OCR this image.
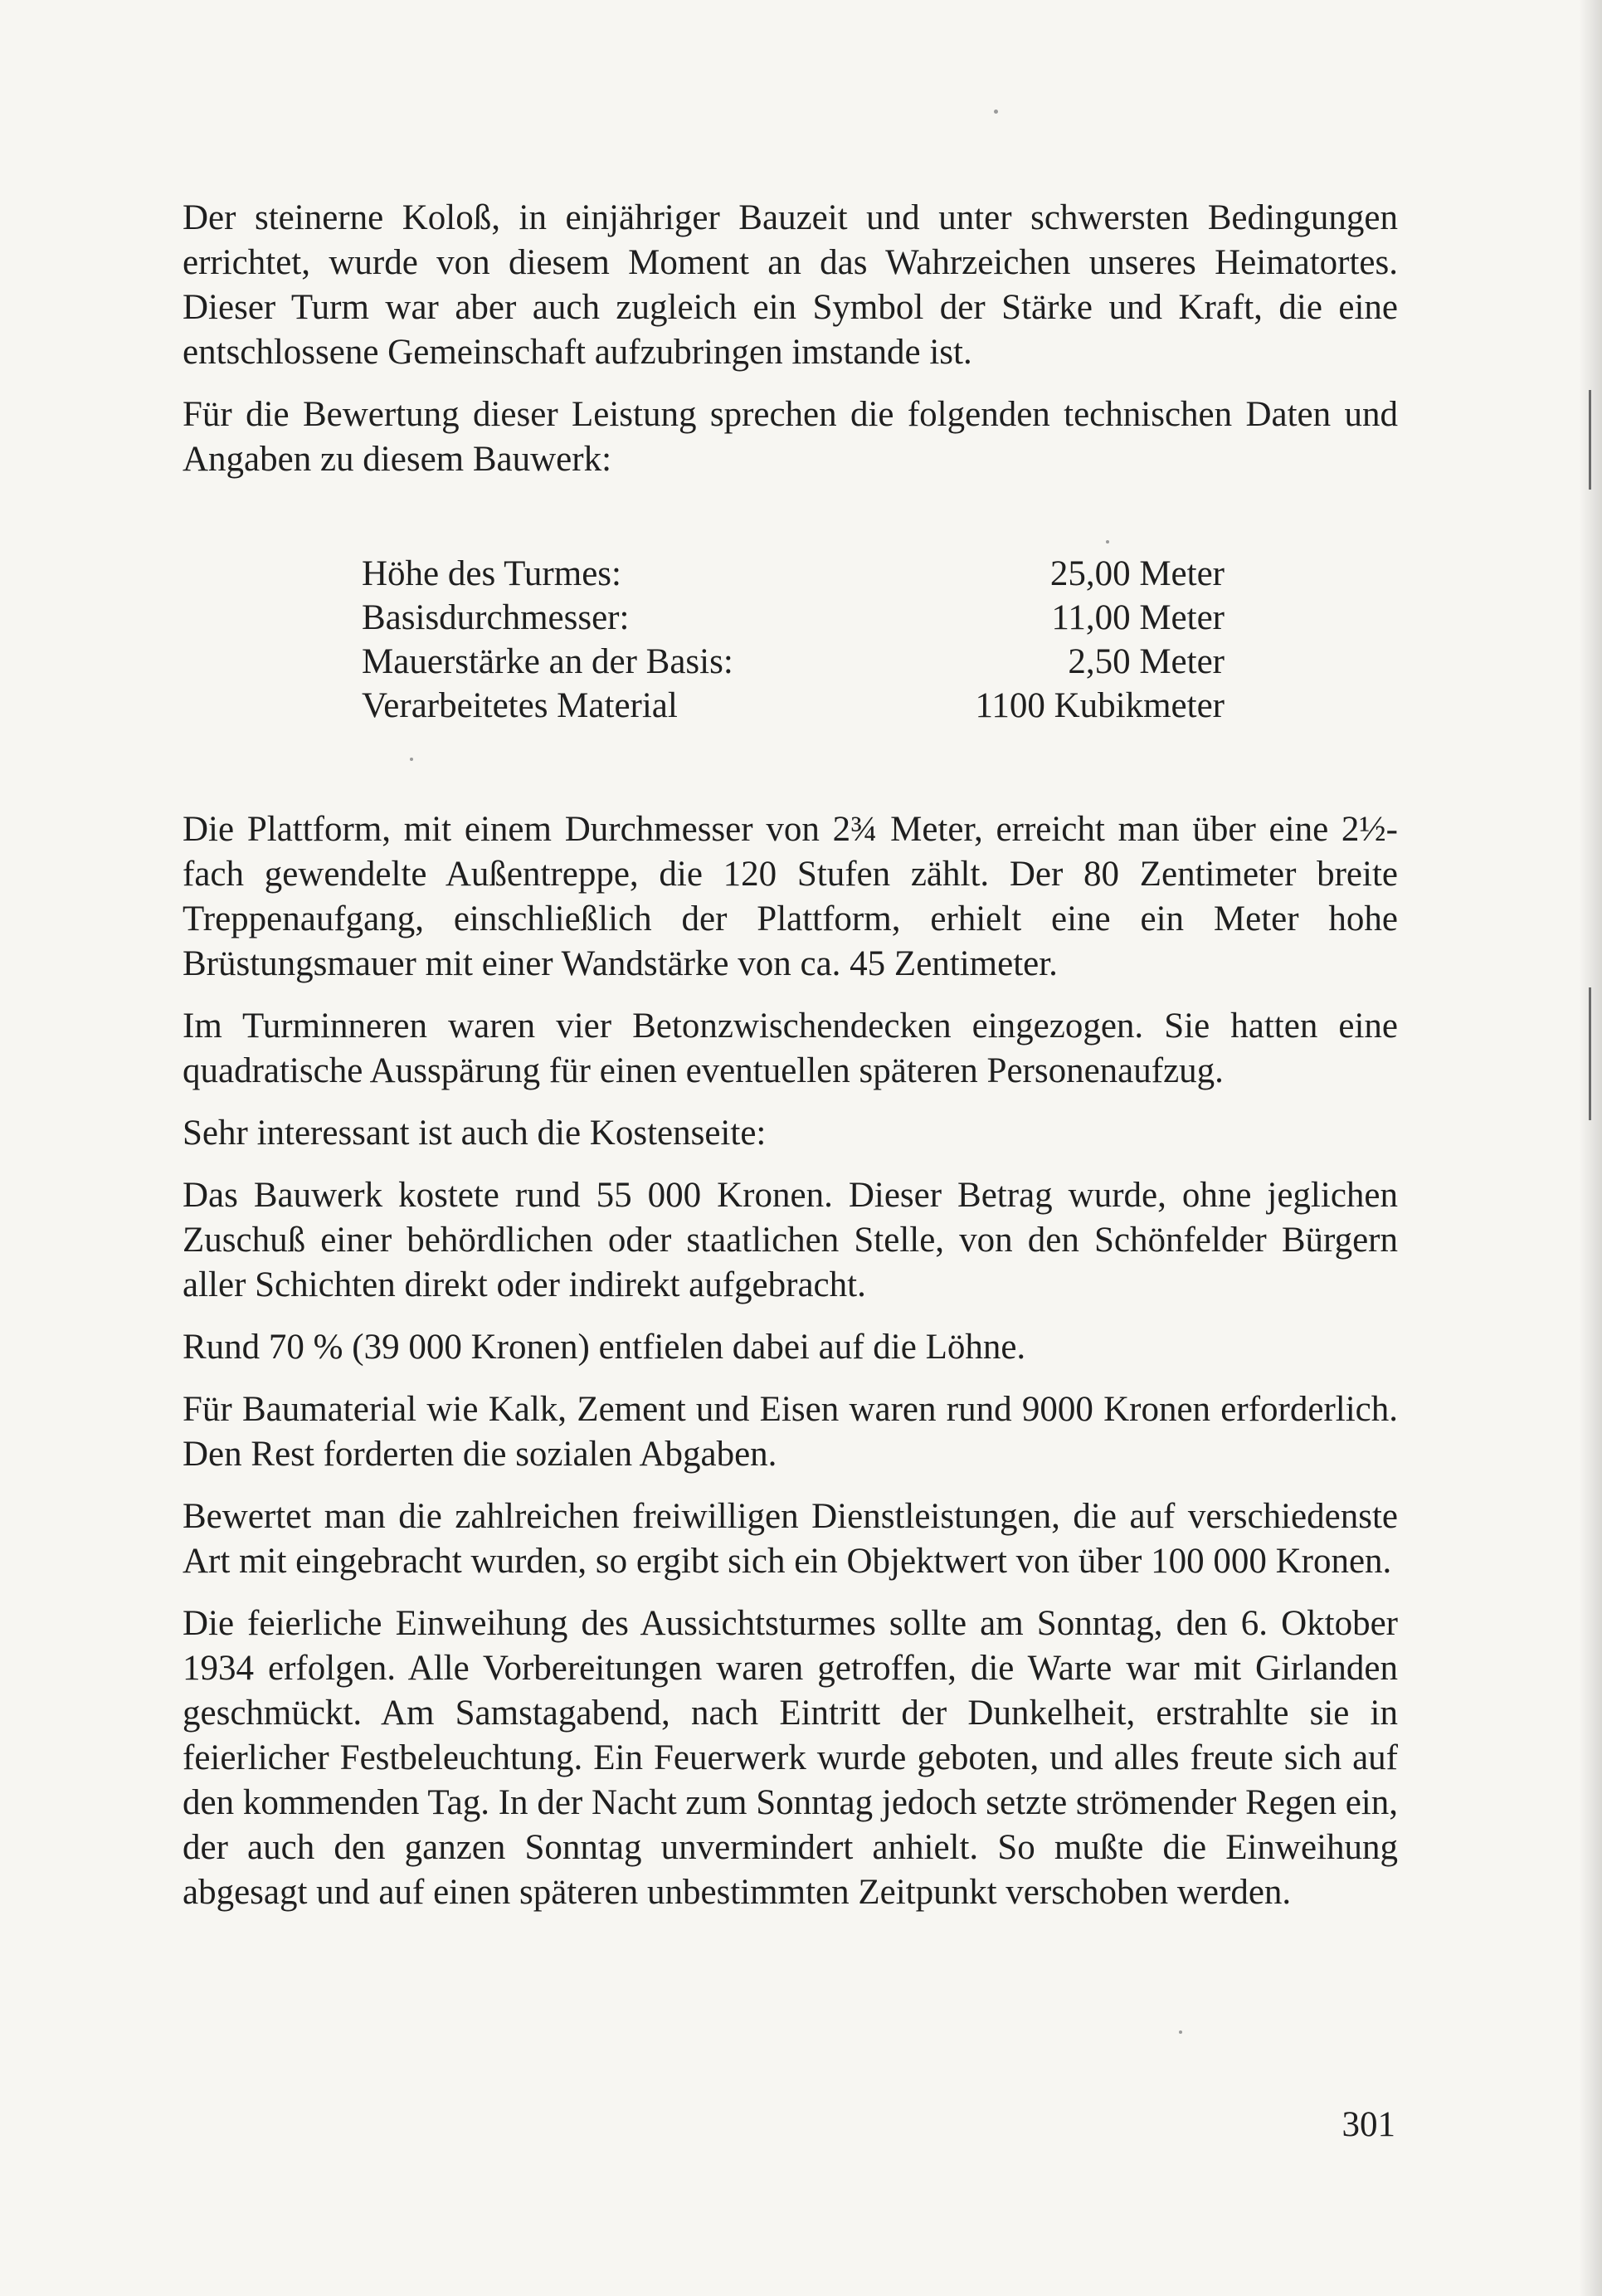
Der steinerne Koloß, in einjähriger Bauzeit und unter schwersten Bedingungen errichtet, wurde von diesem Moment an das Wahrzeichen unseres Heimatortes. Dieser Turm war aber auch zugleich ein Symbol der Stärke und Kraft, die eine entschlossene Gemeinschaft aufzubringen imstande ist.

Für die Bewertung dieser Leistung sprechen die folgenden technischen Daten und Angaben zu diesem Bauwerk:

Höhe des Turmes:	25,00 Meter
Basisdurchmesser:	11,00 Meter
Mauerstärke an der Basis:	2,50 Meter
Verarbeitetes Material	1100 Kubikmeter

Die Plattform, mit einem Durchmesser von 2¾ Meter, erreicht man über eine 2½-fach gewendelte Außentreppe, die 120 Stufen zählt. Der 80 Zentimeter breite Treppenaufgang, einschließlich der Plattform, erhielt eine ein Meter hohe Brüstungsmauer mit einer Wandstärke von ca. 45 Zentimeter.

Im Turminneren waren vier Betonzwischendecken eingezogen. Sie hatten eine quadratische Ausspärung für einen eventuellen späteren Personenaufzug.

Sehr interessant ist auch die Kostenseite:

Das Bauwerk kostete rund 55 000 Kronen. Dieser Betrag wurde, ohne jeglichen Zuschuß einer behördlichen oder staatlichen Stelle, von den Schönfelder Bürgern aller Schichten direkt oder indirekt aufgebracht.

Rund 70 % (39 000 Kronen) entfielen dabei auf die Löhne.

Für Baumaterial wie Kalk, Zement und Eisen waren rund 9000 Kronen erforderlich. Den Rest forderten die sozialen Abgaben.

Bewertet man die zahlreichen freiwilligen Dienstleistungen, die auf verschiedenste Art mit eingebracht wurden, so ergibt sich ein Objektwert von über 100 000 Kronen.

Die feierliche Einweihung des Aussichtsturmes sollte am Sonntag, den 6. Oktober 1934 erfolgen. Alle Vorbereitungen waren getroffen, die Warte war mit Girlanden geschmückt. Am Samstagabend, nach Eintritt der Dunkelheit, erstrahlte sie in feierlicher Festbeleuchtung. Ein Feuerwerk wurde geboten, und alles freute sich auf den kommenden Tag. In der Nacht zum Sonntag jedoch setzte strömender Regen ein, der auch den ganzen Sonntag unvermindert anhielt. So mußte die Einweihung abgesagt und auf einen späteren unbestimmten Zeitpunkt verschoben werden.

301
